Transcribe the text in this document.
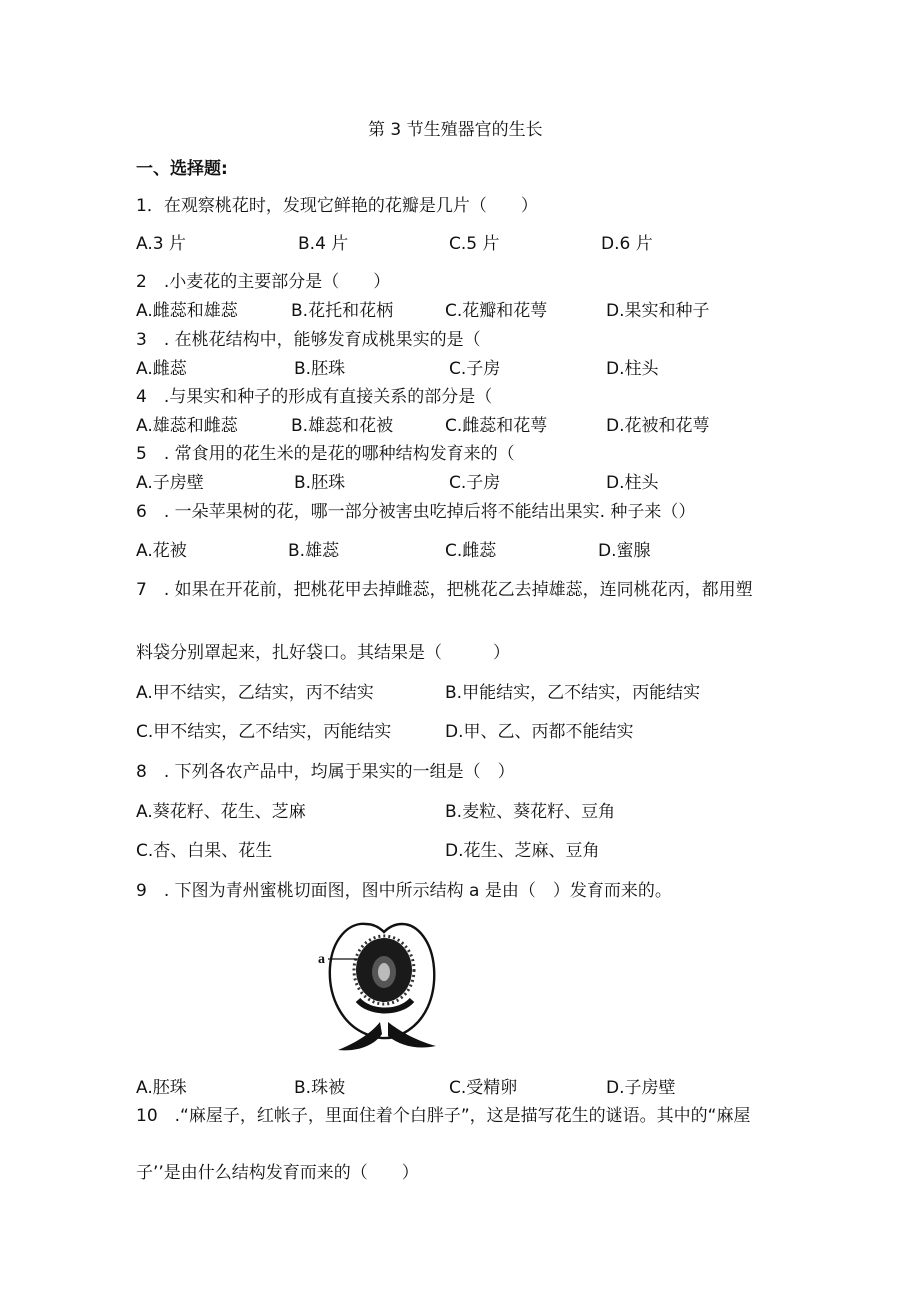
第 3 节生殖器官的生长
一、选择题:
1．在观察桃花时，发现它鲜艳的花瓣是几片（　　）
A.3 片	B.4 片	C.5 片	D.6 片
2　.小麦花的主要部分是（　　）
A.雌蕊和雄蕊	B.花托和花柄	C.花瓣和花萼	D.果实和种子
3　. 在桃花结构中，能够发育成桃果实的是（
A.雌蕊	B.胚珠	C.子房	D.柱头
4　.与果实和种子的形成有直接关系的部分是（
A.雄蕊和雌蕊	B.雄蕊和花被	C.雌蕊和花萼	D.花被和花萼
5　. 常食用的花生米的是花的哪种结构发育来的（
A.子房壁	B.胚珠	C.子房	D.柱头
6　. 一朵苹果树的花，哪一部分被害虫吃掉后将不能结出果实. 种子来（）
A.花被	B.雄蕊	C.雌蕊	D.蜜腺
7　. 如果在开花前，把桃花甲去掉雌蕊，把桃花乙去掉雄蕊，连同桃花丙，都用塑
料袋分别罩起来，扎好袋口。其结果是（　　　）
A.甲不结实，乙结实，丙不结实	B.甲能结实，乙不结实，丙能结实
C.甲不结实，乙不结实，丙能结实	D.甲、乙、丙都不能结实
8　. 下列各农产品中，均属于果实的一组是（　）
A.葵花籽、花生、芝麻	B.麦粒、葵花籽、豆角
C.杏、白果、花生	D.花生、芝麻、豆角
9　. 下图为青州蜜桃切面图，图中所示结构 a 是由（　）发育而来的。
a
A.胚珠	B.珠被	C.受精卵	D.子房壁
10　.“麻屋子，红帐子，里面住着个白胖子”，这是描写花生的谜语。其中的“麻屋
子’’是由什么结构发育而来的（　　）
